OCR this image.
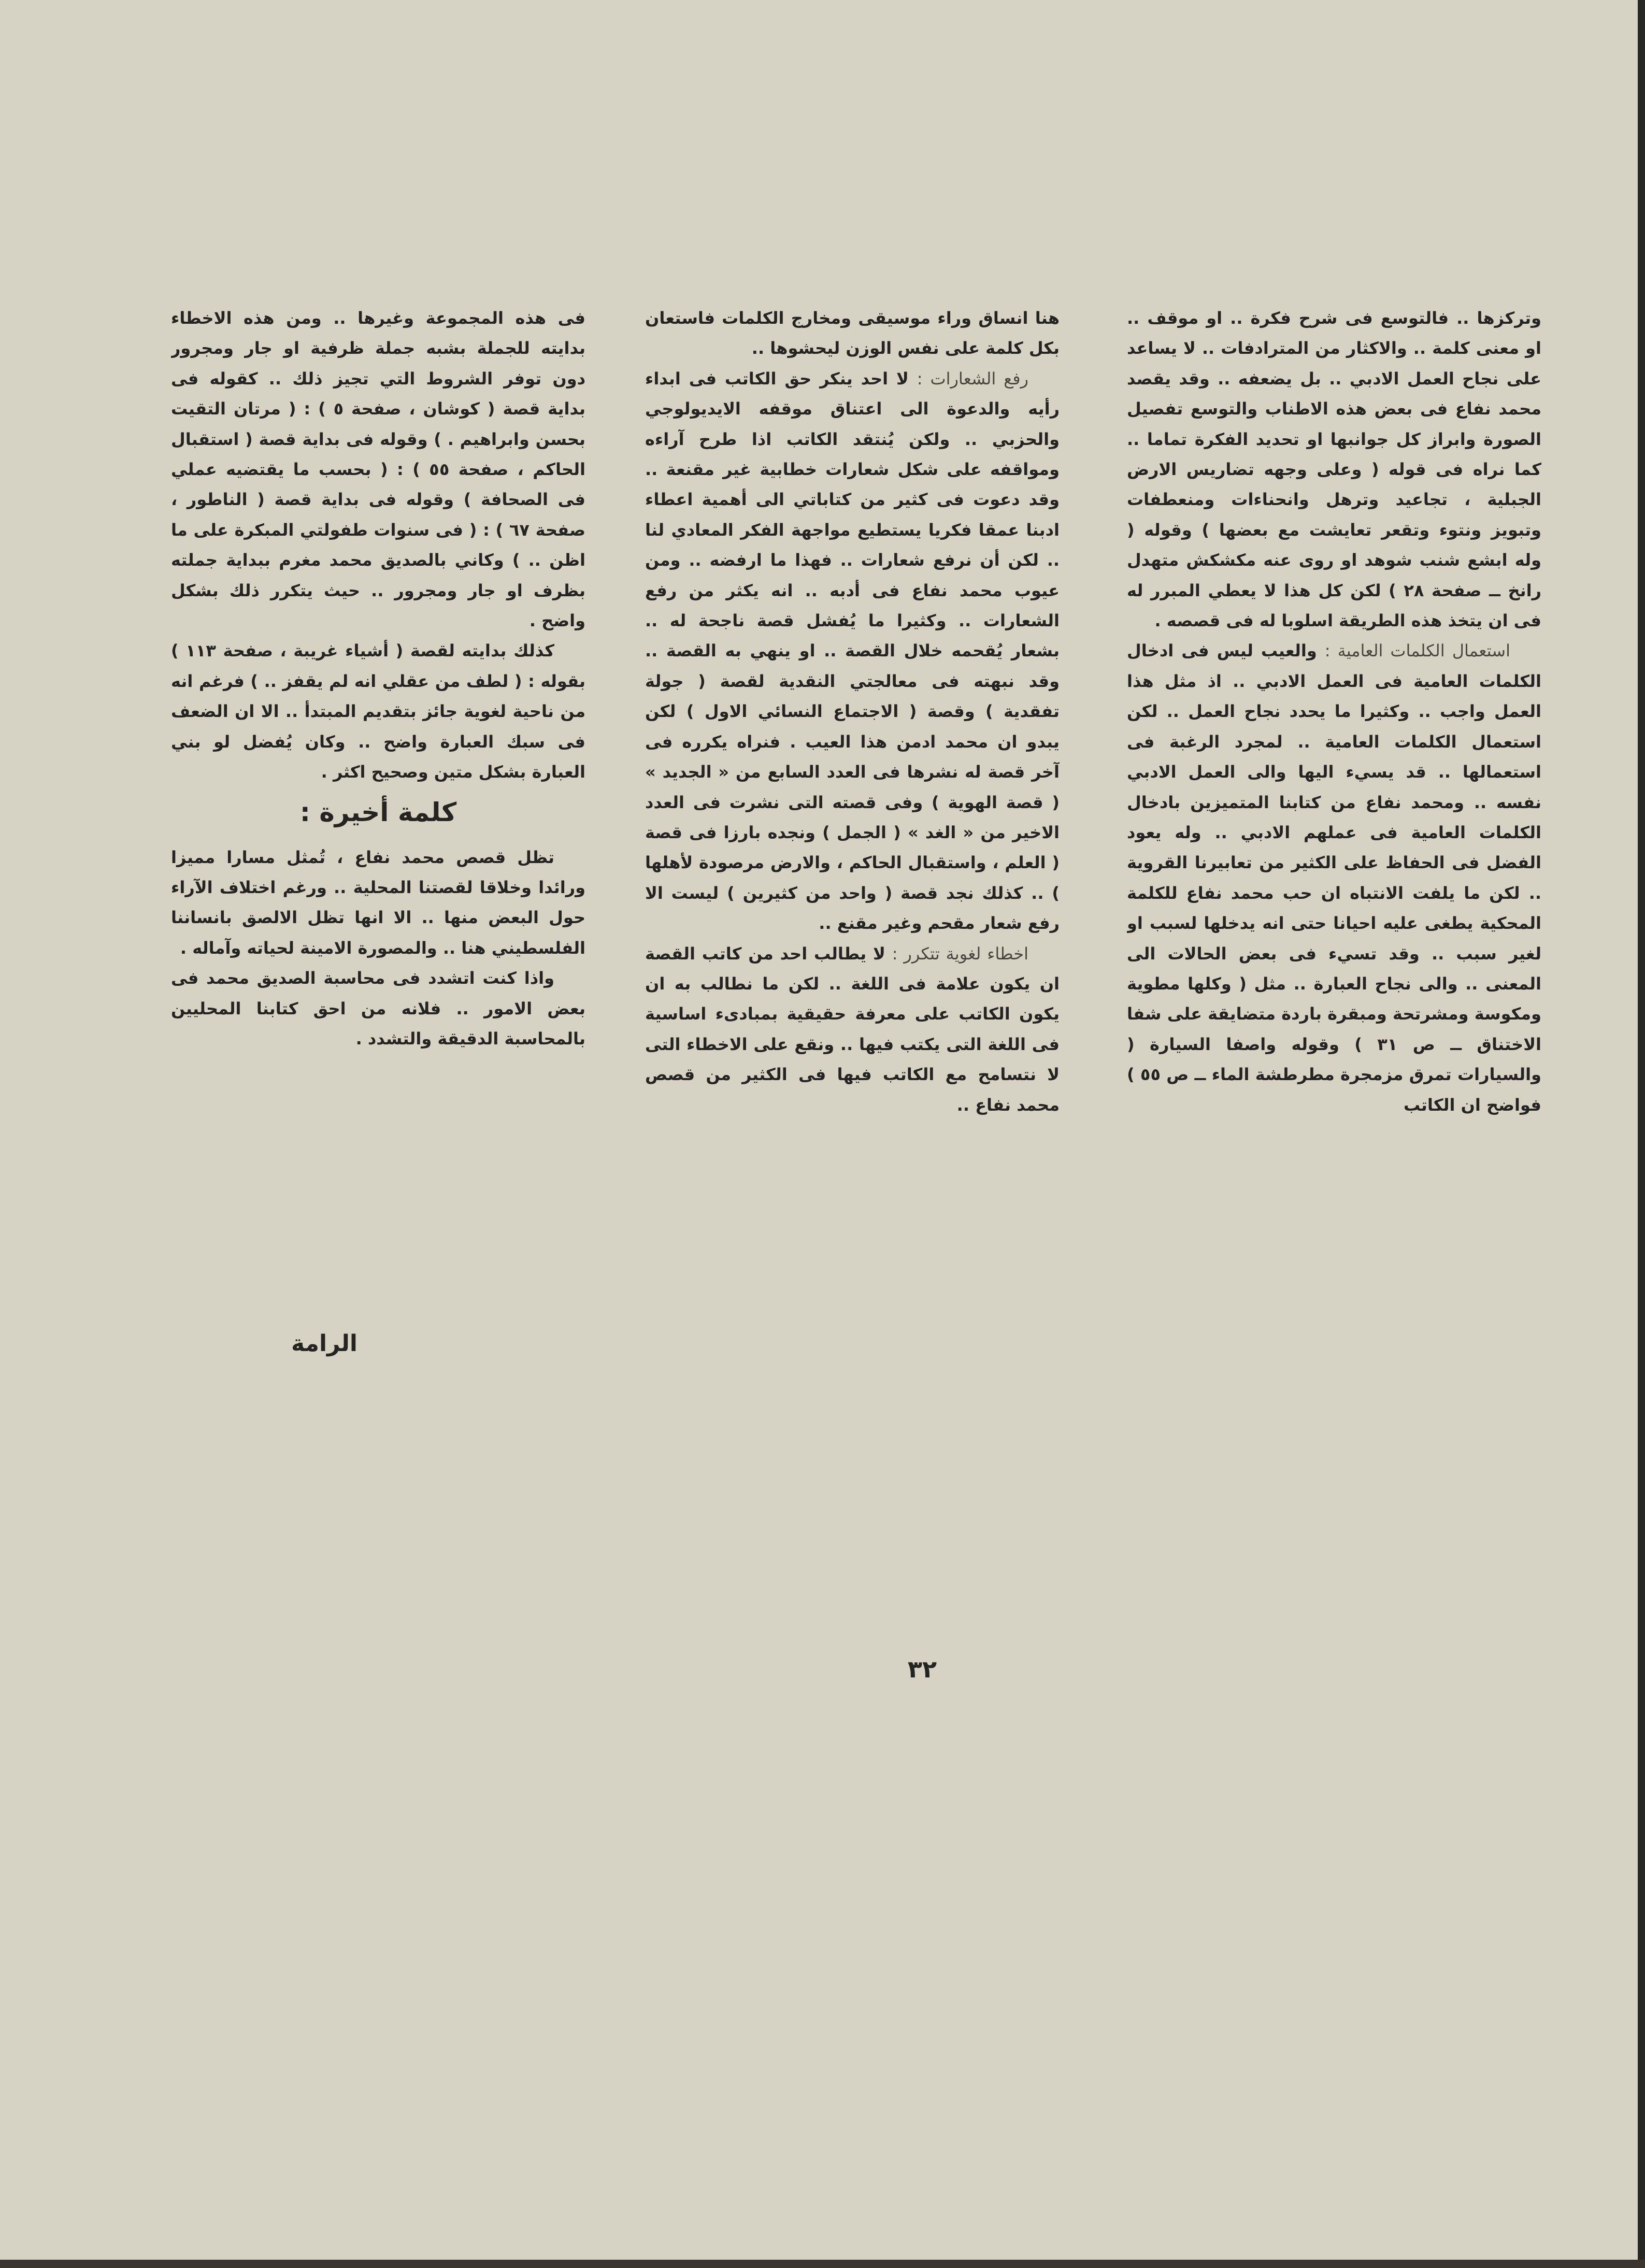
وتركزها .. فالتوسع فى شرح فكرة .. او موقف .. او معنى كلمة .. والاكثار من المترادفات .. لا يساعد على نجاح العمل الادبي .. بل يضعفه .. وقد يقصد محمد نفاع فى بعض هذه الاطناب والتوسع تفصيل الصورة وابراز كل جوانبها او تحديد الفكرة تماما .. كما نراه فى قوله ( وعلى وجهه تضاريس الارض الجبلية ، تجاعيد وترهل وانحناءات ومنعطفات وتبويز ونتوء وتقعر تعايشت مع بعضها ) وقوله ( وله ابشع شنب شوهد او روى عنه مكشكش متهدل رانخ ــ صفحة ٢٨ ) لكن كل هذا لا يعطي المبرر له فى ان يتخذ هذه الطريقة اسلوبا له فى قصصه .

استعمال الكلمات العامية : والعيب ليس فى ادخال الكلمات العامية فى العمل الادبي .. اذ مثل هذا العمل واجب .. وكثيرا ما يحدد نجاح العمل .. لكن استعمال الكلمات العامية .. لمجرد الرغبة فى استعمالها .. قد يسيء اليها والى العمل الادبي نفسه .. ومحمد نفاع من كتابنا المتميزين بادخال الكلمات العامية فى عملهم الادبي .. وله يعود الفضل فى الحفاظ على الكثير من تعابيرنا القروية .. لكن ما يلفت الانتباه ان حب محمد نفاع للكلمة المحكية يطغى عليه احيانا حتى انه يدخلها لسبب او لغير سبب .. وقد تسيء فى بعض الحالات الى المعنى .. والى نجاح العبارة .. مثل ( وكلها مطوية ومكوسة ومشرتحة ومبقرة باردة متضايقة على شفا الاختناق ــ ص ٣١ ) وقوله واصفا السيارة ( والسيارات تمرق مزمجرة مطرطشة الماء ــ ص ٥٥ ) فواضح ان الكاتب

هنا انساق وراء موسيقى ومخارج الكلمات فاستعان بكل كلمة على نفس الوزن ليحشوها ..

رفع الشعارات : لا احد ينكر حق الكاتب فى ابداء رأيه والدعوة الى اعتناق موقفه الايديولوجي والحزبي .. ولكن يُنتقد الكاتب اذا طرح آراءه ومواقفه على شكل شعارات خطابية غير مقنعة .. وقد دعوت فى كثير من كتاباتي الى أهمية اعطاء ادبنا عمقا فكريا يستطيع مواجهة الفكر المعادي لنا .. لكن أن نرفع شعارات .. فهذا ما ارفضه .. ومن عيوب محمد نفاع فى أدبه .. انه يكثر من رفع الشعارات .. وكثيرا ما يُفشل قصة ناجحة له .. بشعار يُقحمه خلال القصة .. او ينهي به القصة .. وقد نبهته فى معالجتي النقدية لقصة ( جولة تفقدية ) وقصة ( الاجتماع النسائي الاول ) لكن يبدو ان محمد ادمن هذا العيب . فنراه يكرره فى آخر قصة له نشرها فى العدد السابع من « الجديد » ( قصة الهوية ) وفى قصته التى نشرت فى العدد الاخير من « الغد » ( الجمل ) ونجده بارزا فى قصة ( العلم ، واستقبال الحاكم ، والارض مرصودة لأهلها ) .. كذلك نجد قصة ( واحد من كثيرين ) ليست الا رفع شعار مقحم وغير مقنع ..

اخطاء لغوية تتكرر : لا يطالب احد من كاتب القصة ان يكون علامة فى اللغة .. لكن ما نطالب به ان يكون الكاتب على معرفة حقيقية بمبادىء اساسية فى اللغة التى يكتب فيها .. ونقع على الاخطاء التى لا نتسامح مع الكاتب فيها فى الكثير من قصص محمد نفاع ..

فى هذه المجموعة وغيرها .. ومن هذه الاخطاء بدايته للجملة بشبه جملة ظرفية او جار ومجرور دون توفر الشروط التي تجيز ذلك .. كقوله فى بداية قصة ( كوشان ، صفحة ٥ ) : ( مرتان التقيت بحسن وابراهيم . ) وقوله فى بداية قصة ( استقبال الحاكم ، صفحة ٥٥ ) : ( بحسب ما يقتضيه عملي فى الصحافة ) وقوله فى بداية قصة ( الناطور ، صفحة ٦٧ ) : ( فى سنوات طفولتي المبكرة على ما اظن .. ) وكاني بالصديق محمد مغرم ببداية جملته بظرف او جار ومجرور .. حيث يتكرر ذلك بشكل واضح .

كذلك بدايته لقصة ( أشياء غريبة ، صفحة ١١٣ ) بقوله : ( لطف من عقلي انه لم يقفز .. ) فرغم انه من ناحية لغوية جائز بتقديم المبتدأ .. الا ان الضعف فى سبك العبارة واضح .. وكان يُفضل لو بني العبارة بشكل متين وصحيح اكثر .

كلمة أخيرة :

تظل قصص محمد نفاع ، تُمثل مسارا مميزا ورائدا وخلاقا لقصتنا المحلية .. ورغم اختلاف الآراء حول البعض منها .. الا انها تظل الالصق بانساننا الفلسطيني هنا .. والمصورة الامينة لحياته وآماله .

واذا كنت اتشدد فى محاسبة الصديق محمد فى بعض الامور .. فلانه من احق كتابنا المحليين بالمحاسبة الدقيقة والتشدد .

الرامة
٣٢
